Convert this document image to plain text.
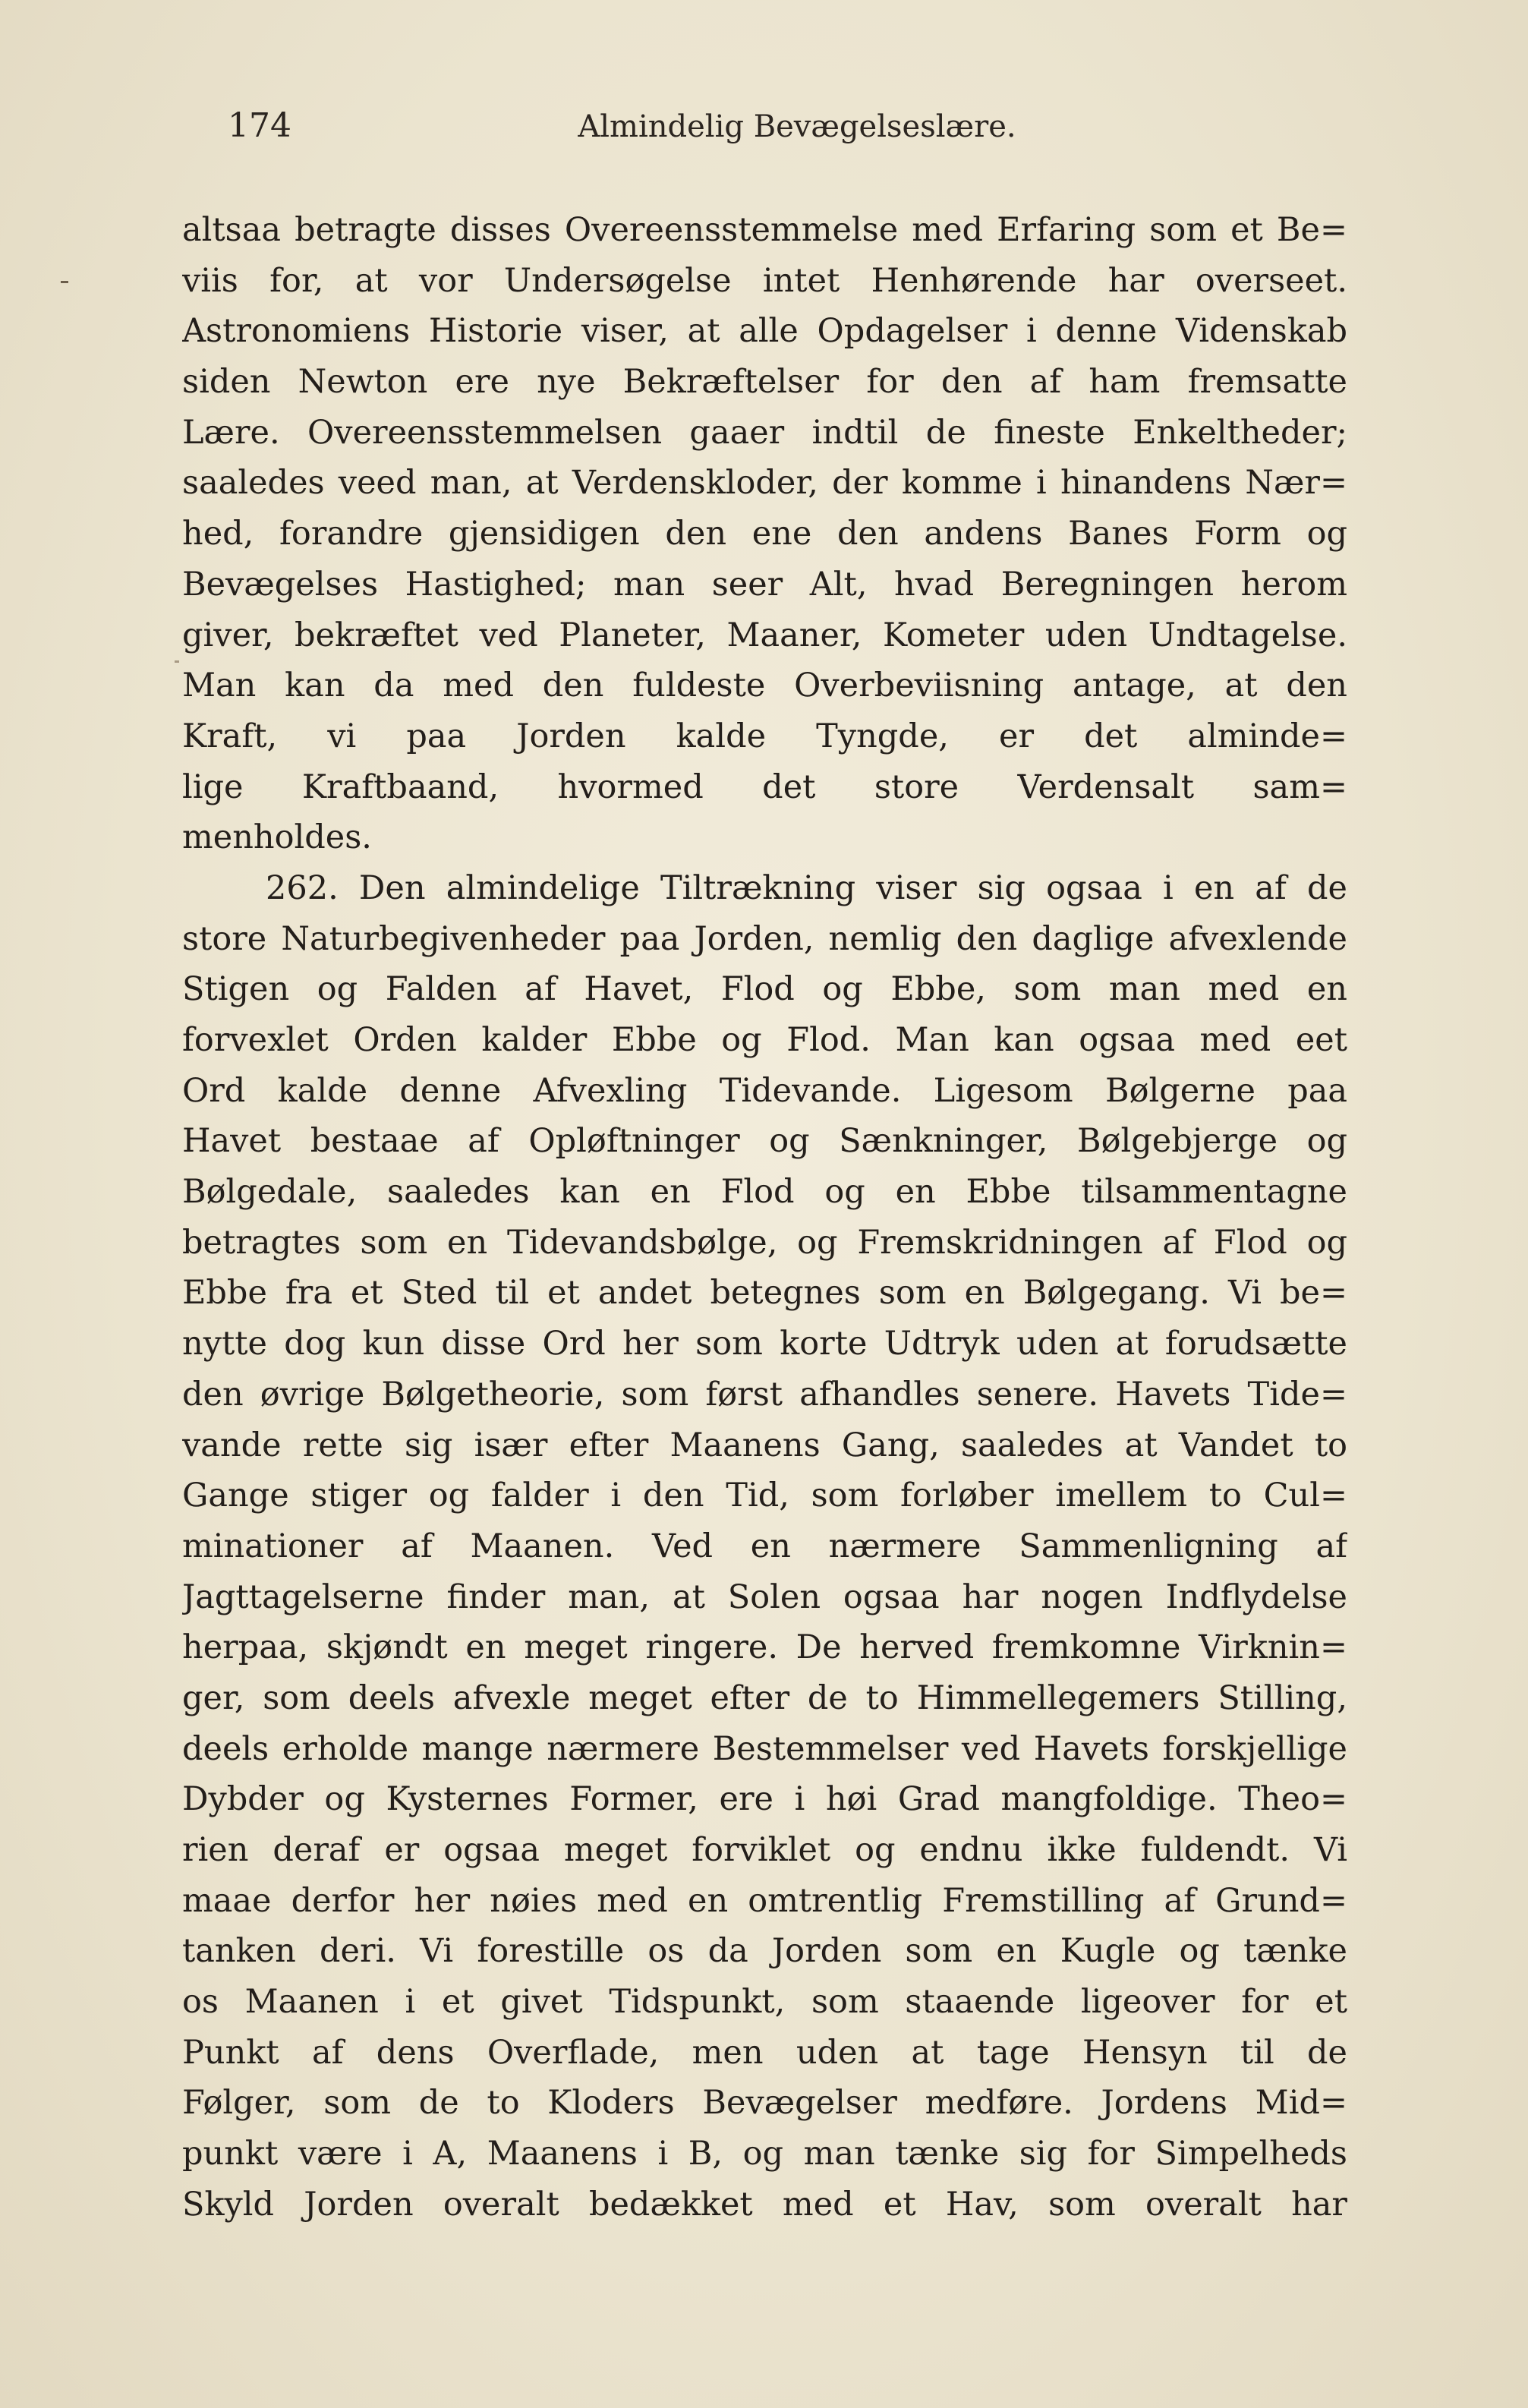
174	Almindelig Bevægelseslære.
altsaa betragte disses Overeensstemmelse med Erfaring som et Be=
viis for, at vor Undersøgelse intet Henhørende har overseet.
Astronomiens Historie viser, at alle Opdagelser i denne Videnskab
siden Newton ere nye Bekræftelser for den af ham fremsatte
Lære. Overeensstemmelsen gaaer indtil de fineste Enkeltheder;
saaledes veed man, at Verdenskloder, der komme i hinandens Nær=
hed, forandre gjensidigen den ene den andens Banes Form og
Bevægelses Hastighed; man seer Alt, hvad Beregningen herom
giver, bekræftet ved Planeter, Maaner, Kometer uden Undtagelse.
Man kan da med den fuldeste Overbeviisning antage, at den
Kraft, vi paa Jorden kalde Tyngde, er det alminde=
lige Kraftbaand, hvormed det store Verdensalt sam=
menholdes.
262. Den almindelige Tiltrækning viser sig ogsaa i en af de
store Naturbegivenheder paa Jorden, nemlig den daglige afvexlende
Stigen og Falden af Havet, Flod og Ebbe, som man med en
forvexlet Orden kalder Ebbe og Flod. Man kan ogsaa med eet
Ord kalde denne Afvexling Tidevande. Ligesom Bølgerne paa
Havet bestaae af Opløftninger og Sænkninger, Bølgebjerge og
Bølgedale, saaledes kan en Flod og en Ebbe tilsammentagne
betragtes som en Tidevandsbølge, og Fremskridningen af Flod og
Ebbe fra et Sted til et andet betegnes som en Bølgegang. Vi be=
nytte dog kun disse Ord her som korte Udtryk uden at forudsætte
den øvrige Bølgetheorie, som først afhandles senere. Havets Tide=
vande rette sig især efter Maanens Gang, saaledes at Vandet to
Gange stiger og falder i den Tid, som forløber imellem to Cul=
minationer af Maanen. Ved en nærmere Sammenligning af
Jagttagelserne finder man, at Solen ogsaa har nogen Indflydelse
herpaa, skjøndt en meget ringere. De herved fremkomne Virknin=
ger, som deels afvexle meget efter de to Himmellegemers Stilling,
deels erholde mange nærmere Bestemmelser ved Havets forskjellige
Dybder og Kysternes Former, ere i høi Grad mangfoldige. Theo=
rien deraf er ogsaa meget forviklet og endnu ikke fuldendt. Vi
maae derfor her nøies med en omtrentlig Fremstilling af Grund=
tanken deri. Vi forestille os da Jorden som en Kugle og tænke
os Maanen i et givet Tidspunkt, som staaende ligeover for et
Punkt af dens Overflade, men uden at tage Hensyn til de
Følger, som de to Kloders Bevægelser medføre. Jordens Mid=
punkt være i A, Maanens i B, og man tænke sig for Simpelheds
Skyld Jorden overalt bedækket med et Hav, som overalt har
